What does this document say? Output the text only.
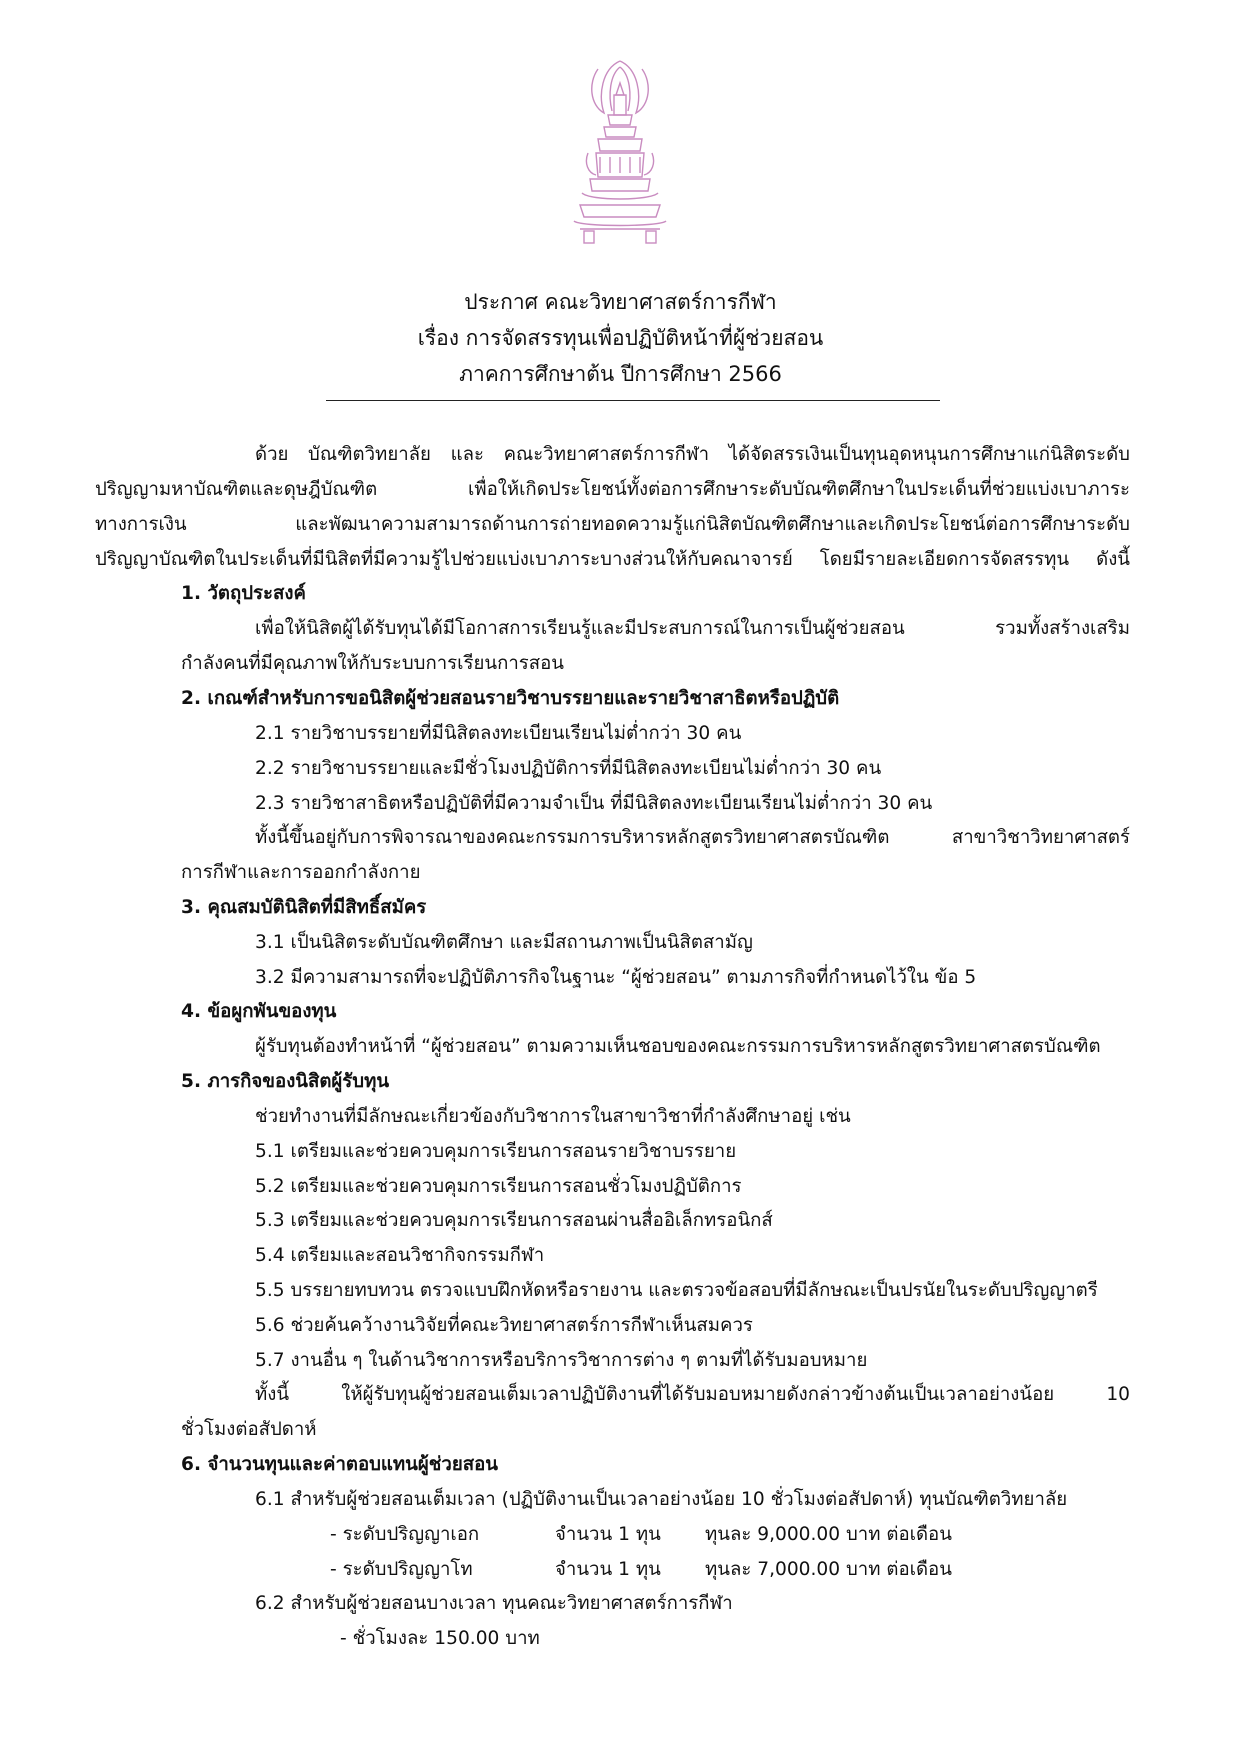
ประกาศ คณะวิทยาศาสตร์การกีฬา
เรื่อง การจัดสรรทุนเพื่อปฏิบัติหน้าที่ผู้ช่วยสอน
ภาคการศึกษาต้น ปีการศึกษา 2566
ด้วย บัณฑิตวิทยาลัย และ คณะวิทยาศาสตร์การกีฬา ได้จัดสรรเงินเป็นทุนอุดหนุนการศึกษาแก่นิสิตระดับ
ปริญญามหาบัณฑิตและดุษฎีบัณฑิต เพื่อให้เกิดประโยชน์ทั้งต่อการศึกษาระดับบัณฑิตศึกษาในประเด็นที่ช่วยแบ่งเบาภาระ
ทางการเงิน และพัฒนาความสามารถด้านการถ่ายทอดความรู้แก่นิสิตบัณฑิตศึกษาและเกิดประโยชน์ต่อการศึกษาระดับ
ปริญญาบัณฑิตในประเด็นที่มีนิสิตที่มีความรู้ไปช่วยแบ่งเบาภาระบางส่วนให้กับคณาจารย์ โดยมีรายละเอียดการจัดสรรทุน ดังนี้
1. วัตถุประสงค์
เพื่อให้นิสิตผู้ได้รับทุนได้มีโอกาสการเรียนรู้และมีประสบการณ์ในการเป็นผู้ช่วยสอน รวมทั้งสร้างเสริม
กำลังคนที่มีคุณภาพให้กับระบบการเรียนการสอน
2. เกณฑ์สำหรับการขอนิสิตผู้ช่วยสอนรายวิชาบรรยายและรายวิชาสาธิตหรือปฏิบัติ
2.1 รายวิชาบรรยายที่มีนิสิตลงทะเบียนเรียนไม่ต่ำกว่า 30 คน
2.2 รายวิชาบรรยายและมีชั่วโมงปฏิบัติการที่มีนิสิตลงทะเบียนไม่ต่ำกว่า 30 คน
2.3 รายวิชาสาธิตหรือปฏิบัติที่มีความจำเป็น ที่มีนิสิตลงทะเบียนเรียนไม่ต่ำกว่า 30 คน
ทั้งนี้ขึ้นอยู่กับการพิจารณาของคณะกรรมการบริหารหลักสูตรวิทยาศาสตรบัณฑิต สาขาวิชาวิทยาศาสตร์
การกีฬาและการออกกำลังกาย
3. คุณสมบัตินิสิตที่มีสิทธิ์สมัคร
3.1 เป็นนิสิตระดับบัณฑิตศึกษา และมีสถานภาพเป็นนิสิตสามัญ
3.2 มีความสามารถที่จะปฏิบัติภารกิจในฐานะ “ผู้ช่วยสอน” ตามภารกิจที่กำหนดไว้ใน ข้อ 5
4. ข้อผูกพันของทุน
ผู้รับทุนต้องทำหน้าที่ “ผู้ช่วยสอน” ตามความเห็นชอบของคณะกรรมการบริหารหลักสูตรวิทยาศาสตรบัณฑิต
5. ภารกิจของนิสิตผู้รับทุน
ช่วยทำงานที่มีลักษณะเกี่ยวข้องกับวิชาการในสาขาวิชาที่กำลังศึกษาอยู่ เช่น
5.1 เตรียมและช่วยควบคุมการเรียนการสอนรายวิชาบรรยาย
5.2 เตรียมและช่วยควบคุมการเรียนการสอนชั่วโมงปฏิบัติการ
5.3 เตรียมและช่วยควบคุมการเรียนการสอนผ่านสื่ออิเล็กทรอนิกส์
5.4 เตรียมและสอนวิชากิจกรรมกีฬา
5.5 บรรยายทบทวน ตรวจแบบฝึกหัดหรือรายงาน และตรวจข้อสอบที่มีลักษณะเป็นปรนัยในระดับปริญญาตรี
5.6 ช่วยค้นคว้างานวิจัยที่คณะวิทยาศาสตร์การกีฬาเห็นสมควร
5.7 งานอื่น ๆ ในด้านวิชาการหรือบริการวิชาการต่าง ๆ ตามที่ได้รับมอบหมาย
ทั้งนี้ ให้ผู้รับทุนผู้ช่วยสอนเต็มเวลาปฏิบัติงานที่ได้รับมอบหมายดังกล่าวข้างต้นเป็นเวลาอย่างน้อย 10
ชั่วโมงต่อสัปดาห์
6. จำนวนทุนและค่าตอบแทนผู้ช่วยสอน
6.1 สำหรับผู้ช่วยสอนเต็มเวลา (ปฏิบัติงานเป็นเวลาอย่างน้อย 10 ชั่วโมงต่อสัปดาห์) ทุนบัณฑิตวิทยาลัย
- ระดับปริญญาเอก	จำนวน 1 ทุน ทุนละ 9,000.00 บาท ต่อเดือน
- ระดับปริญญาโท	จำนวน 1 ทุน ทุนละ 7,000.00 บาท ต่อเดือน
6.2 สำหรับผู้ช่วยสอนบางเวลา ทุนคณะวิทยาศาสตร์การกีฬา
- ชั่วโมงละ 150.00 บาท
